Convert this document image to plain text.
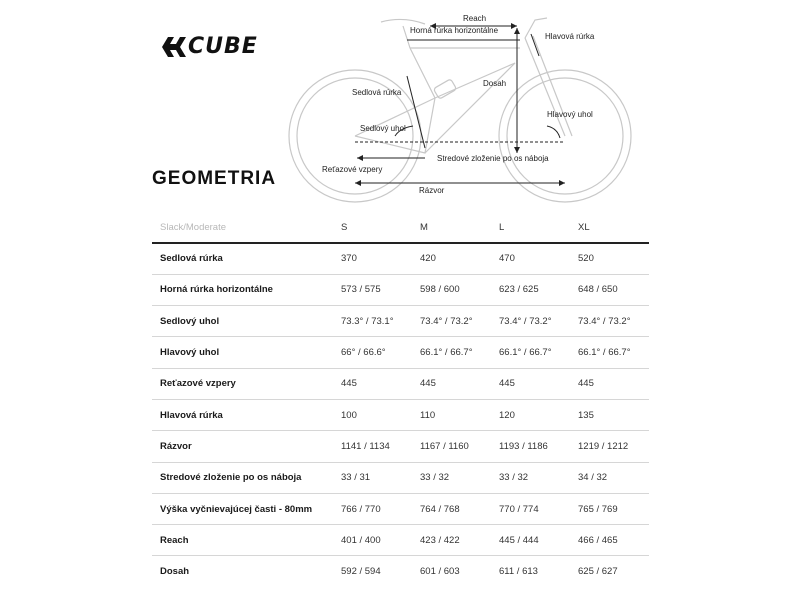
CUBE
Reach
Horná rúrka horizontálne
Hlavová rúrka
Dosah
Sedlová rúrka
Sedlový uhol
Hlavový uhol
Stredové zloženie po os náboja
Reťazové vzpery
Rázvor
GEOMETRIA
Slack/Moderate	S	M	L	XL
Sedlová rúrka	370	420	470	520
Horná rúrka horizontálne	573 / 575	598 / 600	623 / 625	648 / 650
Sedlový uhol	73.3° / 73.1°	73.4° / 73.2°	73.4° / 73.2°	73.4° / 73.2°
Hlavový uhol	66° / 66.6°	66.1° / 66.7°	66.1° / 66.7°	66.1° / 66.7°
Reťazové vzpery	445	445	445	445
Hlavová rúrka	100	110	120	135
Rázvor	1141 / 1134	1167 / 1160	1193 / 1186	1219 / 1212
Stredové zloženie po os náboja	33 / 31	33 / 32	33 / 32	34 / 32
Výška vyčnievajúcej časti - 80mm	766 / 770	764 / 768	770 / 774	765 / 769
Reach	401 / 400	423 / 422	445 / 444	466 / 465
Dosah	592 / 594	601 / 603	611 / 613	625 / 627
